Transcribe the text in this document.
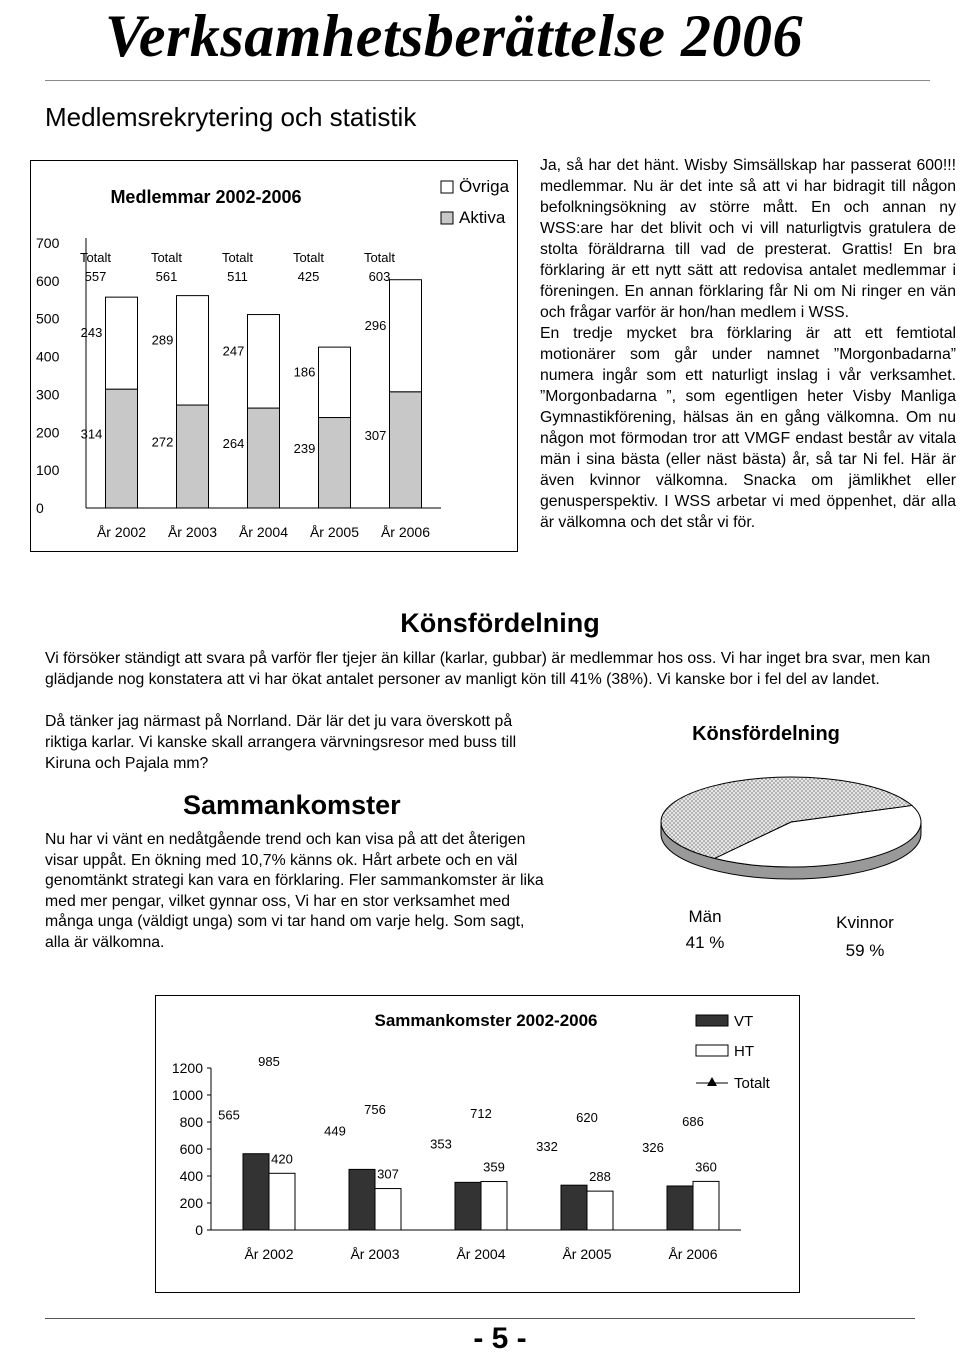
Verksamhetsberättelse 2006
Medlemsrekrytering och statistik
0
100
200
300
400
500
600
700
Medlemmar 2002-2006
314
243
Totalt
557
År 2002
272
289
Totalt
561
År 2003
264
247
Totalt
511
År 2004
239
186
Totalt
425
År 2005
307
296
Totalt
603
År 2006
Övriga
Aktiva

Ja, så har det hänt. Wisby Simsällskap har passerat 600!!! medlemmar. Nu är det inte så att vi har bidragit till någon befolkningsökning av större mått. En och annan ny WSS:are har det blivit och vi vill naturligtvis gratulera de stolta föräldrarna till vad de presterat. Grattis! En bra förklaring är ett nytt sätt att redovisa antalet medlemmar i föreningen. En annan förklaring får Ni om Ni ringer en vän och frågar varför är hon/han medlem i WSS.

En tredje mycket bra förklaring är att ett femtiotal motionärer som går under namnet ”Morgonbadarna” numera ingår som ett naturligt inslag i vår verksamhet. ”Morgonbadarna ”, som egentligen heter Visby Manliga Gymnastikförening, hälsas än en gång välkomna. Om nu någon mot förmodan tror att VMGF endast består av vitala män i sina bästa (eller näst bästa) år, så tar Ni fel. Här är även kvinnor välkomna. Snacka om jämlikhet eller genusperspektiv. I WSS arbetar vi med öppenhet, där alla är välkomna och det står vi för.

Könsfördelning
Vi försöker ständigt att svara på varför fler tjejer än killar (karlar, gubbar) är medlemmar hos oss. Vi har inget bra svar, men kan glädjande nog konstatera att vi har ökat antalet personer av manligt kön till 41% (38%). Vi kanske bor i fel del av landet.
Då tänker jag närmast på Norrland. Där lär det ju vara överskott på riktiga karlar. Vi kanske skall arrangera värvningsresor med buss till Kiruna och Pajala mm?
Könsfördelning
Män
41 %
Kvinnor
59 %
Sammankomster
Nu har vi vänt en nedåtgående trend och kan visa på att det återigen visar uppåt. En ökning med 10,7% känns ok. Hårt arbete och en väl genomtänkt strategi kan vara en förklaring. Fler sammankomster är lika med mer pengar, vilket gynnar oss, Vi har en stor verksamhet med många unga (väldigt unga) som vi tar hand om varje helg. Som sagt, alla är välkomna.
Sammankomster 2002-2006
0
200
400
600
800
1000
1200
565
420
985
År 2002
449
307
756
År 2003
353
359
712
År 2004
332
288
620
År 2005
326
360
686
År 2006
VT
HT
Totalt
- 5 -
